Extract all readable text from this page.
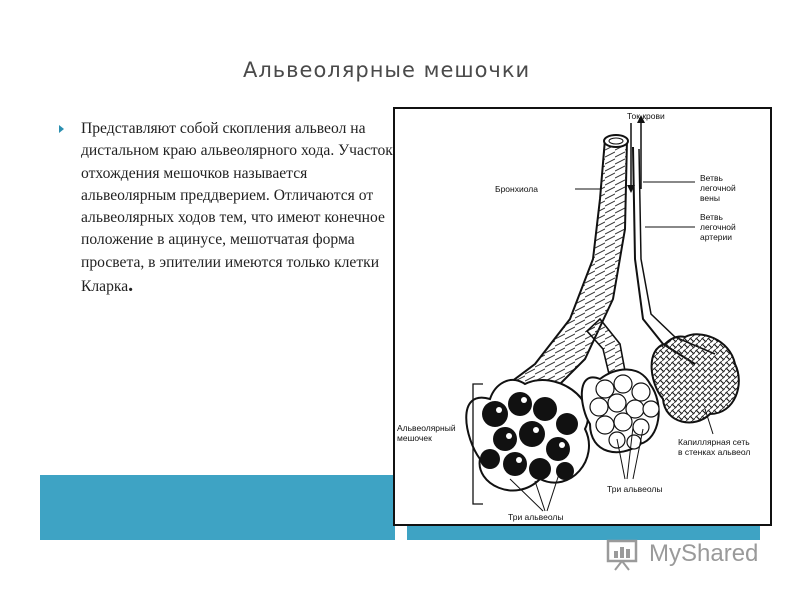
Альвеолярные мешочки
Представляют собой скопления альвеол на дистальном краю альвеолярного хода. Участок отхождения мешочков называется альвеолярным преддверием. Отличаются от альвеолярных ходов тем, что имеют конечное положение в ацинусе, мешотчатая форма просвета, в эпителии имеются только клетки Кларка.
Ток крови
Бронхиола
Ветвь
легочной
вены
Ветвь
легочной
артерии
Альвеолярный
мешочек	Капиллярная сеть
в стенках альвеол
Три альвеолы
Три альвеолы
MyShared
